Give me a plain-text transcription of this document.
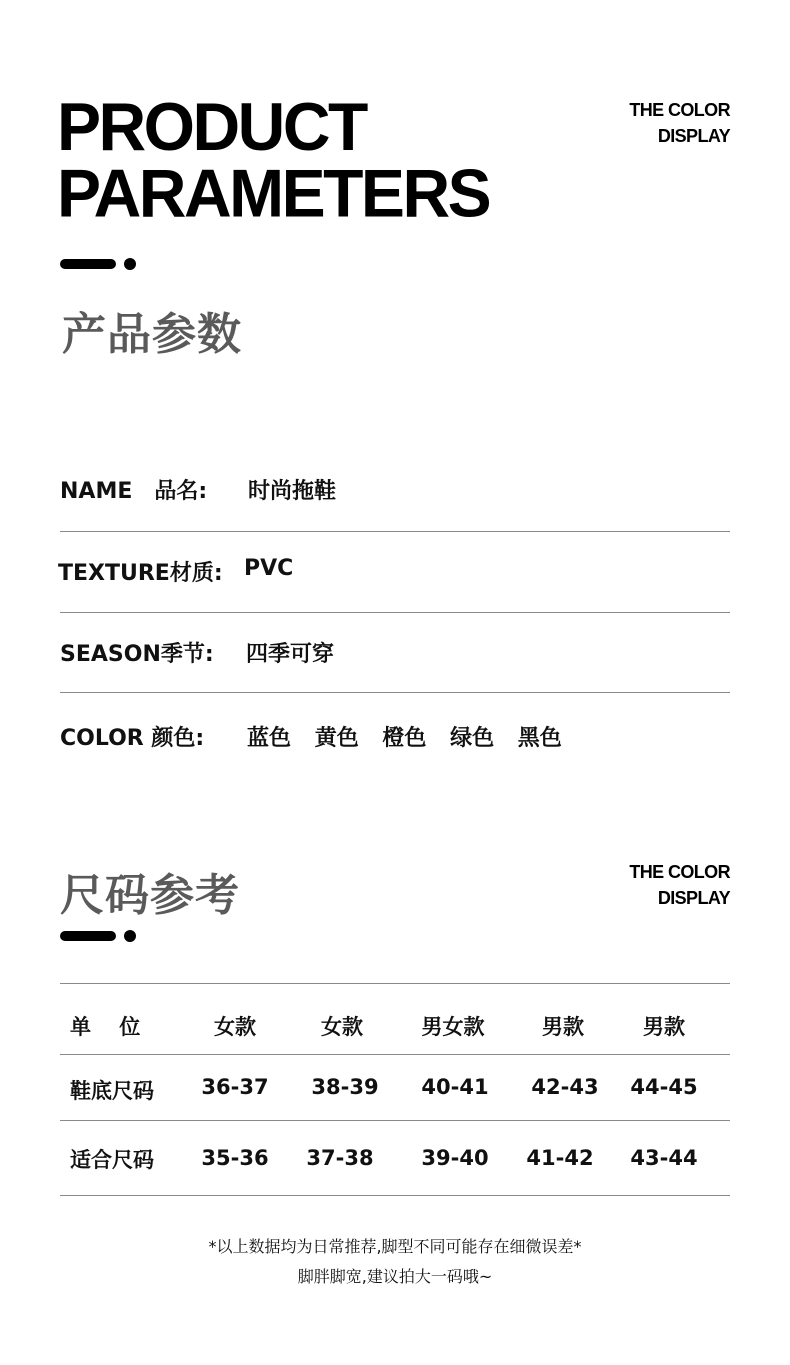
PRODUCT
PARAMETERS
THE COLOR
DISPLAY
产品参数
NAME　品名: 时尚拖鞋
TEXTURE材质: PVC
SEASON季节: 四季可穿
COLOR 颜色: 蓝色 黄色 橙色 绿色 黑色
尺码参考	THE COLOR
DISPLAY
单　 位	女款	女款	男女款	男款	男款
鞋底尺码 36-37 38-39 40-41 42-43 44-45
适合尺码 35-36 37-38 39-40 41-42 43-44
*以上数据均为日常推荐,脚型不同可能存在细微误差*
脚胖脚宽,建议拍大一码哦~
